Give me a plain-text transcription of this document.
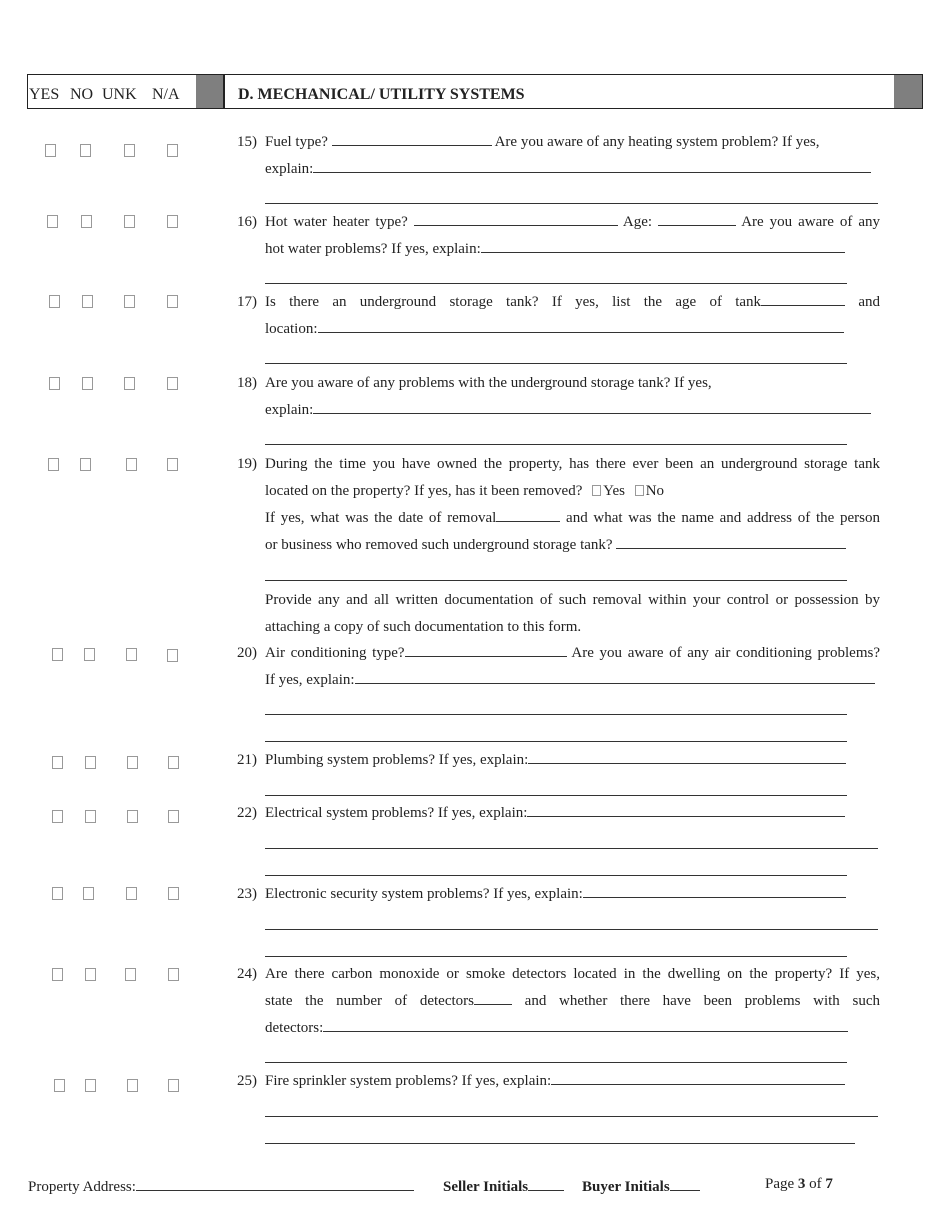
YES NO UNK N/A	D. MECHANICAL/ UTILITY SYSTEMS
15) Fuel type?	Are you aware of any heating system problem? If yes,
explain:
16) Hot water heater type?	Age:	Are you aware of any
hot water problems? If yes, explain:
17) Is there an underground storage tank? If yes, list the age of tank	and
location:
18) Are you aware of any problems with the underground storage tank? If yes,
explain:
19) During the time you have owned the property, has there ever been an underground storage tank
located on the property? If yes, has it been removed? Yes No
If yes, what was the date of removal	and what was the name and address of the person
or business who removed such underground storage tank?
Provide any and all written documentation of such removal within your control or possession by
attaching a copy of such documentation to this form.
20) Air conditioning type?	Are you aware of any air conditioning problems?
If yes, explain:
21) Plumbing system problems? If yes, explain:
22) Electrical system problems? If yes, explain:
23) Electronic security system problems? If yes, explain:
24) Are there carbon monoxide or smoke detectors located in the dwelling on the property? If yes,
state the number of detectors	and whether there have been problems with such
detectors:
25) Fire sprinkler system problems? If yes, explain:
Property Address:	Seller Initials	Buyer Initials	Page 3 of 7
